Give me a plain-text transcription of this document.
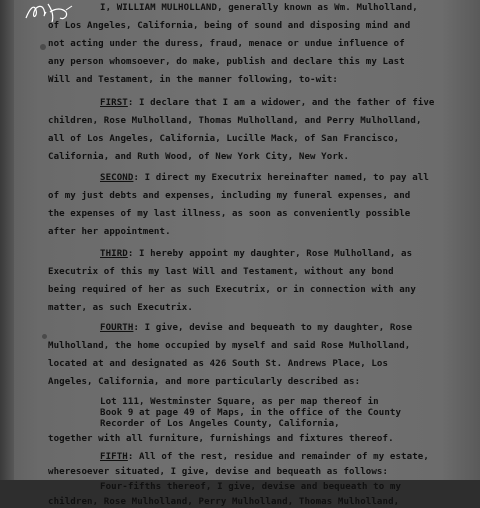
I, WILLIAM MULHOLLAND, generally known as Wm. Mulholland,
of Los Angeles, California, being of sound and disposing mind and
not acting under the duress, fraud, menace or undue influence of
any person whomsoever, do make, publish and declare this my Last
Will and Testament, in the manner following, to-wit:
FIRST: I declare that I am a widower, and the father of five
children, Rose Mulholland, Thomas Mulholland, and Perry Mulholland,
all of Los Angeles, California, Lucille Mack, of San Francisco,
California, and Ruth Wood, of New York City, New York.
SECOND: I direct my Executrix hereinafter named, to pay all
of my just debts and expenses, including my funeral expenses, and
the expenses of my last illness, as soon as conveniently possible
after her appointment.
THIRD: I hereby appoint my daughter, Rose Mulholland, as
Executrix of this my last Will and Testament, without any bond
being required of her as such Executrix, or in connection with any
matter, as such Executrix.
FOURTH: I give, devise and bequeath to my daughter, Rose
Mulholland, the home occupied by myself and said Rose Mulholland,
located at and designated as 426 South St. Andrews Place, Los
Angeles, California, and more particularly described as:
Lot 111, Westminster Square, as per map thereof in
Book 9 at page 49 of Maps, in the office of the County
Recorder of Los Angeles County, California,
together with all furniture, furnishings and fixtures thereof.
FIFTH: All of the rest, residue and remainder of my estate,
wheresoever situated, I give, devise and bequeath as follows:
Four-fifths thereof, I give, devise and bequeath to my
children, Rose Mulholland, Perry Mulholland, Thomas Mulholland,
